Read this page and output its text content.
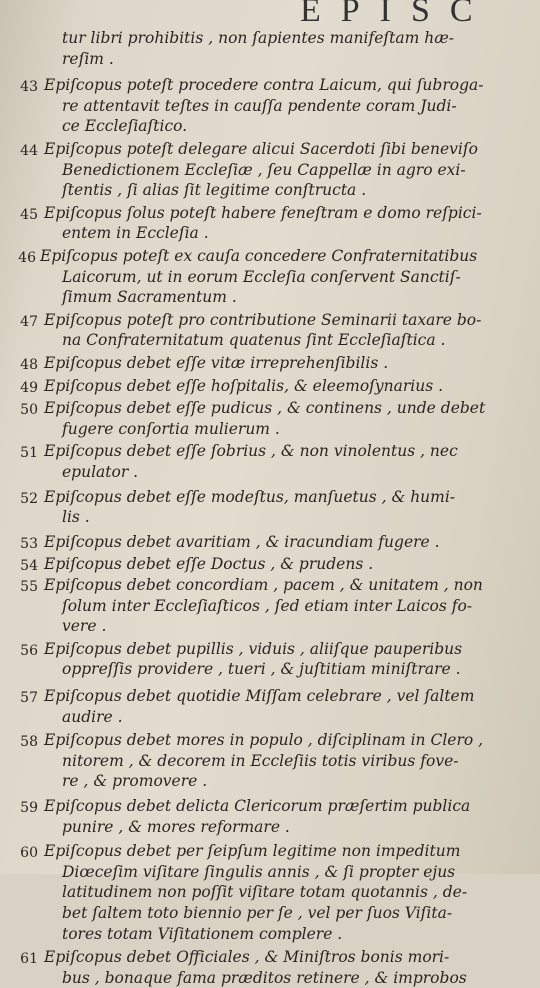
EPISC
tur libri prohibitis , non ſapientes manifeſtam hæ-
reſim .
43 Epiſcopus poteſt procedere contra Laicum, qui ſubroga-
re attentavit teſtes in cauſſa pendente coram Judi-
ce Eccleſiaſtico.
44 Epiſcopus poteſt delegare alicui Sacerdoti ſibi beneviſo
Benedictionem Eccleſiæ , ſeu Cappellæ in agro exi-
ſtentis , ſi alias ſit legitime conſtructa .
45 Epiſcopus ſolus poteſt habere feneſtram e domo reſpici-
entem in Eccleſia .
46 Epiſcopus poteſt ex cauſa concedere Confraternitatibus
Laicorum, ut in eorum Eccleſia conſervent Sanctiſ-
ſimum Sacramentum .
47 Epiſcopus poteſt pro contributione Seminarii taxare bo-
na Confraternitatum quatenus ſint Eccleſiaſtica .
48 Epiſcopus debet eſſe vitæ irreprehenſibilis .
49 Epiſcopus debet eſſe hoſpitalis, & eleemoſynarius .
50 Epiſcopus debet eſſe pudicus , & continens , unde debet
fugere conſortia mulierum .
51 Epiſcopus debet eſſe ſobrius , & non vinolentus , nec
epulator .
52 Epiſcopus debet eſſe modeſtus, manſuetus , & humi-
lis .
53 Epiſcopus debet avaritiam , & iracundiam fugere .
54 Epiſcopus debet eſſe Doctus , & prudens .
55 Epiſcopus debet concordiam , pacem , & unitatem , non
ſolum inter Eccleſiaſticos , ſed etiam inter Laicos fo-
vere .
56 Epiſcopus debet pupillis , viduis , aliiſque pauperibus
oppreſſis providere , tueri , & juſtitiam miniſtrare .
57 Epiſcopus debet quotidie Miſſam celebrare , vel ſaltem
audire .
58 Epiſcopus debet mores in populo , diſciplinam in Clero ,
nitorem , & decorem in Eccleſiis totis viribus fove-
re , & promovere .
59 Epiſcopus debet delicta Clericorum præſertim publica
punire , & mores reformare .
60 Epiſcopus debet per ſeipſum legitime non impeditum
Diœceſim viſitare ſingulis annis , & ſi propter ejus
latitudinem non poſſit viſitare totam quotannis , de-
bet ſaltem toto biennio per ſe , vel per ſuos Viſita-
tores totam Viſitationem complere .
61 Epiſcopus debet Officiales , & Miniſtros bonis mori-
bus , bonaque fama præditos retinere , & improbos
